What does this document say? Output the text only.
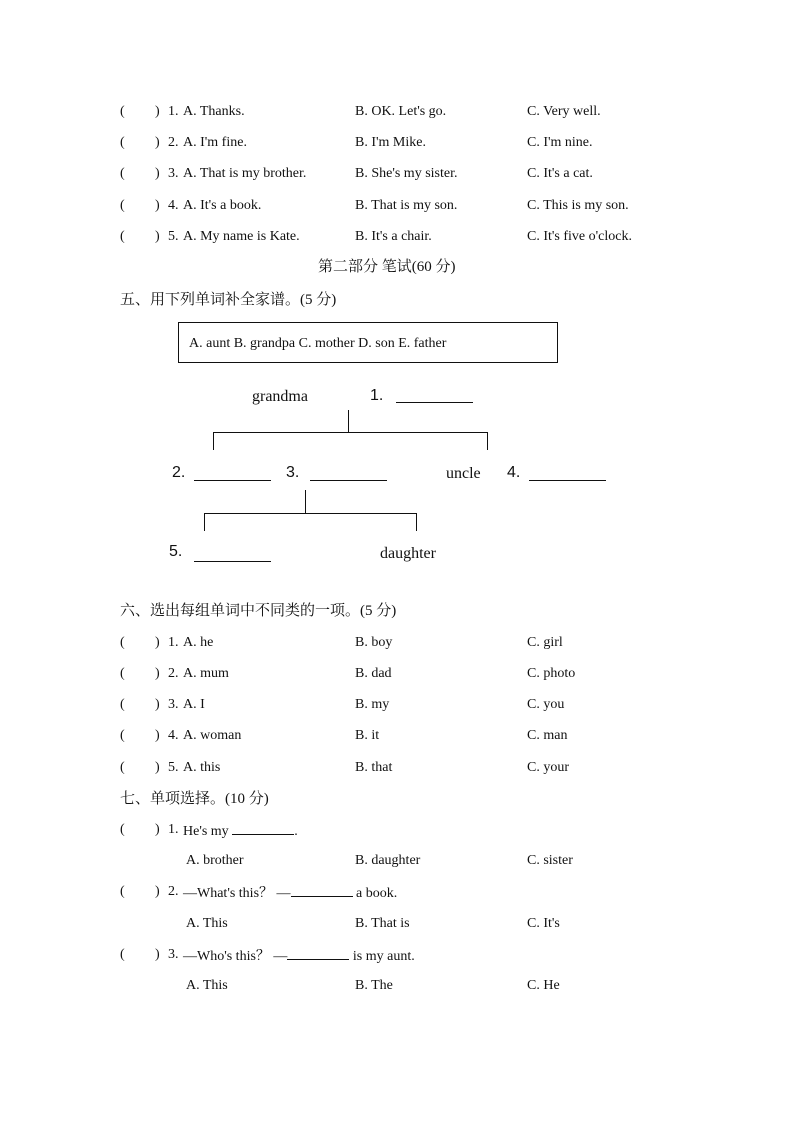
( ) 1. A. Thanks.	B. OK. Let's go.	C. Very well.
( ) 2. A. I'm fine.	B. I'm Mike.	C. I'm nine.
( ) 3. A. That is my brother.	B. She's my sister.	C. It's a cat.
( ) 4. A. It's a book.	B. That is my son.	C. This is my son.
( ) 5. A. My name is Kate.	B. It's a chair.	C. It's five o'clock.
第二部分 笔试(60 分)
五、用下列单词补全家谱。(5 分)
A. aunt B. grandpa C. mother D. son E. father
grandma	1.
2.	3.	uncle 4.
5.	daughter
六、选出每组单词中不同类的一项。(5 分)
( ) 1. A. he	B. boy	C. girl
( ) 2. A. mum	B. dad	C. photo
( ) 3. A. I	B. my	C. you
( ) 4. A. woman	B. it	C. man
( ) 5. A. this	B. that	C. your
七、单项选择。(10 分)
( ) 1. He's my	.
A. brother	B. daughter	C. sister
( ) 2. —What's this？ —	a book.
A. This	B. That is	C. It's
( ) 3. —Who's this？ —	is my aunt.
A. This	B. The	C. He
